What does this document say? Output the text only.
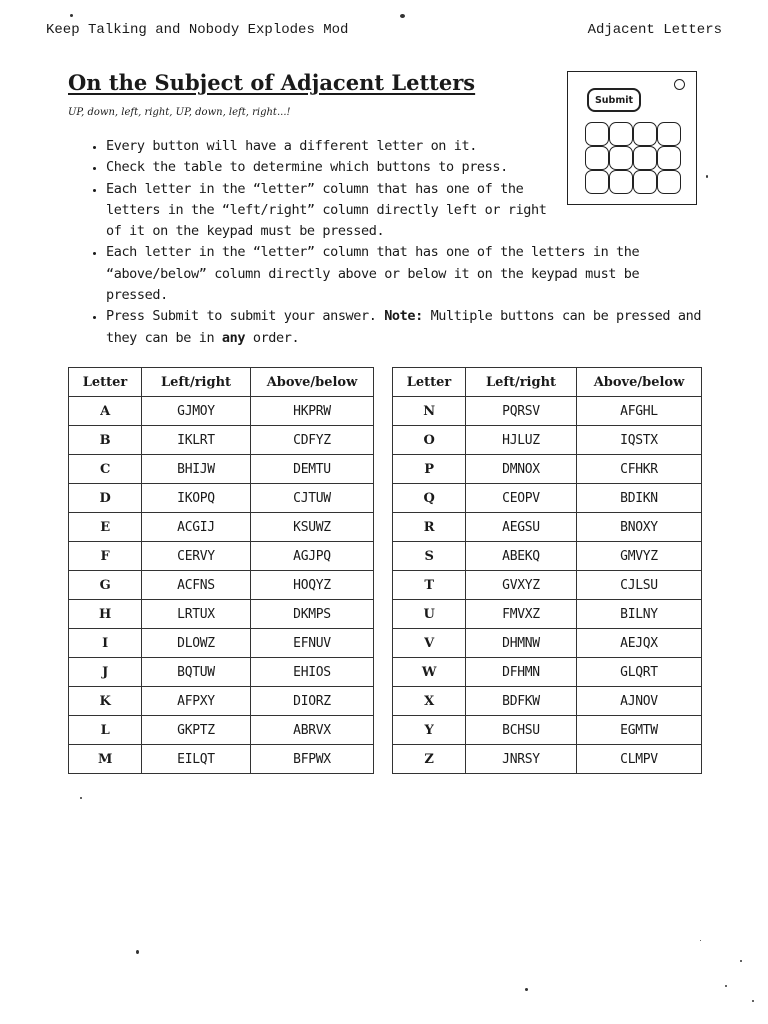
Keep Talking and Nobody Explodes Mod	Adjacent Letters
On the Subject of Adjacent Letters
UP, down, left, right, UP, down, left, right...!
Submit
• Every button will have a different letter on it.
• Check the table to determine which buttons to press.
• Each letter in the “letter” column that has one of the letters in the “left/right” column directly left or right of it on the keypad must be pressed.
• Each letter in the “letter” column that has one of the letters in the “above/below” column directly above or below it on the keypad must be pressed.
• Press Submit to submit your answer. Note: Multiple buttons can be pressed and they can be in any order.
Letter	Left/right	Above/below
A	GJMOY	HKPRW
B	IKLRT	CDFYZ
C	BHIJW	DEMTU
D	IKOPQ	CJTUW
E	ACGIJ	KSUWZ
F	CERVY	AGJPQ
G	ACFNS	HOQYZ
H	LRTUX	DKMPS
I	DLOWZ	EFNUV
J	BQTUW	EHIOS
K	AFPXY	DIORZ
L	GKPTZ	ABRVX
M	EILQT	BFPWX
Letter	Left/right	Above/below
N	PQRSV	AFGHL
O	HJLUZ	IQSTX
P	DMNOX	CFHKR
Q	CEOPV	BDIKN
R	AEGSU	BNOXY
S	ABEKQ	GMVYZ
T	GVXYZ	CJLSU
U	FMVXZ	BILNY
V	DHMNW	AEJQX
W	DFHMN	GLQRT
X	BDFKW	AJNOV
Y	BCHSU	EGMTW
Z	JNRSY	CLMPV
